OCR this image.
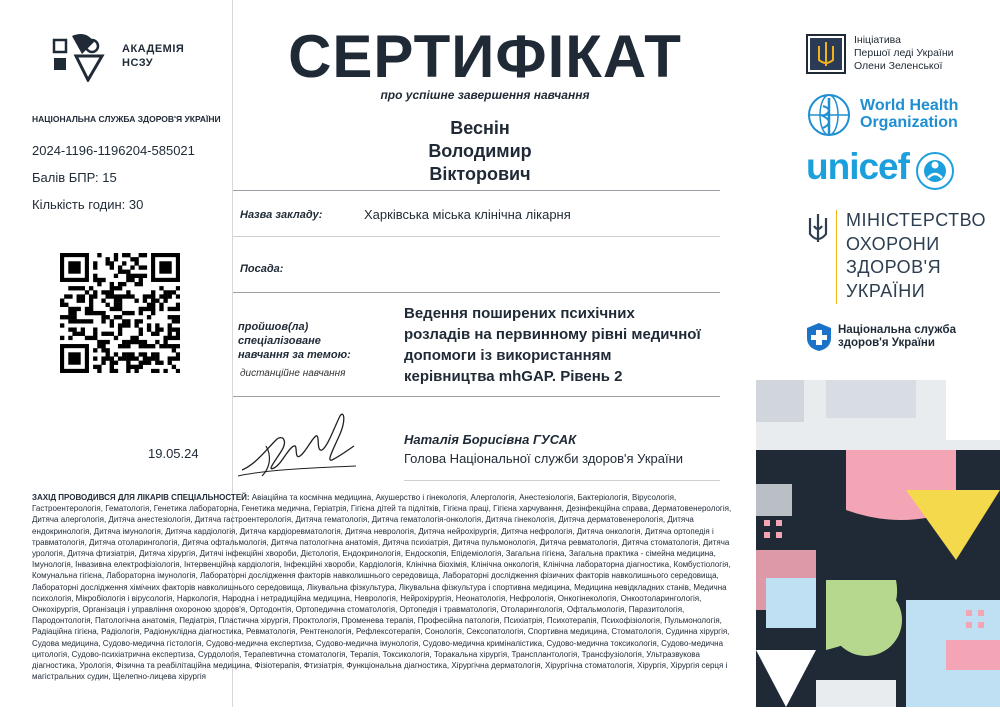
АКАДЕМІЯ
НСЗУ
НАЦІОНАЛЬНА СЛУЖБА ЗДОРОВ'Я УКРАЇНИ
2024-1196-1196204-585021
Балів БПР: 15
Кількість годин: 30
19.05.24
СЕРТИФІКАТ
про успішне завершення навчання
Веснін
Володимир
Вікторович
Назва закладу:	Харківська міська клінічна лікарня
Посада:
пройшов(ла)
спеціалізоване
навчання за темою:
дистанційне навчання
Ведення поширених психічних
розладів на первинному рівні медичної
допомоги із використанням
керівництва mhGAP. Рівень 2
Наталія Борисівна ГУСАК
Голова Національної служби здоров'я України
ЗАХІД ПРОВОДИВСЯ ДЛЯ ЛІКАРІВ СПЕЦІАЛЬНОСТЕЙ: Авіаційна та космічна медицина, Акушерство і гінекологія, Алергологія, Анестезіологія, Бактеріологія, Вірусологія, Гастроентерологія, Гематологія, Генетика лабораторна, Генетика медична, Геріатрія, Гігієна дітей та підлітків, Гігієна праці, Гігієна харчування, Дезінфекційна справа, Дерматовенерологія, Дитяча алергологія, Дитяча анестезіологія, Дитяча гастроентерологія, Дитяча гематологія, Дитяча гематологія-онкологія, Дитяча гінекологія, Дитяча дерматовенерологія, Дитяча ендокринологія, Дитяча імунологія, Дитяча кардіологія, Дитяча кардіоревматологія, Дитяча неврологія, Дитяча нейрохірургія, Дитяча нефрологія, Дитяча онкологія, Дитяча ортопедія і травматологія, Дитяча отоларингологія, Дитяча офтальмологія, Дитяча патологічна анатомія, Дитяча психіатрія, Дитяча пульмонологія, Дитяча ревматологія, Дитяча стоматологія, Дитяча урологія, Дитяча фтизіатрія, Дитяча хірургія, Дитячі інфекційні хвороби, Дієтологія, Ендокринологія, Ендоскопія, Епідеміологія, Загальна гігієна, Загальна практика - сімейна медицина, Імунологія, Інвазивна електрофізіологія, Інтервенційна кардіологія, Інфекційні хвороби, Кардіологія, Клінічна біохімія, Клінічна онкологія, Клінічна лабораторна діагностика, Комбустіологія, Комунальна гігієна, Лабораторна імунологія, Лабораторні дослідження факторів навколишнього середовища, Лабораторні дослідження фізичних факторів навколишнього середовища, Лабораторні дослідження хімічних факторів навколишнього середовища, Лікувальна фізкультура, Лікувальна фізкультура і спортивна медицина, Медицина невідкладних станів, Медична психологія, Мікробіологія і вірусологія, Наркологія, Народна і нетрадиційна медицина, Неврологія, Нейрохірургія, Неонатологія, Нефрологія, Онкогінекологія, Онкоотоларингологія, Онкохірургія, Організація і управління охороною здоров'я, Ортодонтія, Ортопедична стоматологія, Ортопедія і травматологія, Отоларингологія, Офтальмологія, Паразитологія, Пародонтологія, Патологічна анатомія, Педіатрія, Пластична хірургія, Проктологія, Променева терапія, Професійна патологія, Психіатрія, Психотерапія, Психофізіологія, Пульмонологія, Радіаційна гігієна, Радіологія, Радіонуклідна діагностика, Ревматологія, Рентгенологія, Рефлексотерапія, Сонологія, Сексопатологія, Спортивна медицина, Стоматологія, Судинна хірургія, Судова медицина, Судово-медична гістологія, Судово-медична експертиза, Судово-медична імунологія, Судово-медична криміналістика, Судово-медична токсикологія, Судово-медична цитологія, Судово-психіатрична експертиза, Сурдологія, Терапевтична стоматологія, Терапія, Токсикологія, Торакальна хірургія, Трансплантологія, Трансфузіологія, Ультразвукова діагностика, Урологія, Фізична та реабілітаційна медицина, Фізіотерапія, Фтизіатрія, Функціональна діагностика, Хірургічна дерматологія, Хірургічна стоматологія, Хірургія, Хірургія серця і магістральних судин, Щелепно-лицева хірургія
Ініціатива
Першої леді України
Олени Зеленської
World Health
Organization
unicef
МІНІСТЕРСТВО
ОХОРОНИ
ЗДОРОВ'Я
УКРАЇНИ
Національна служба
здоров'я України
